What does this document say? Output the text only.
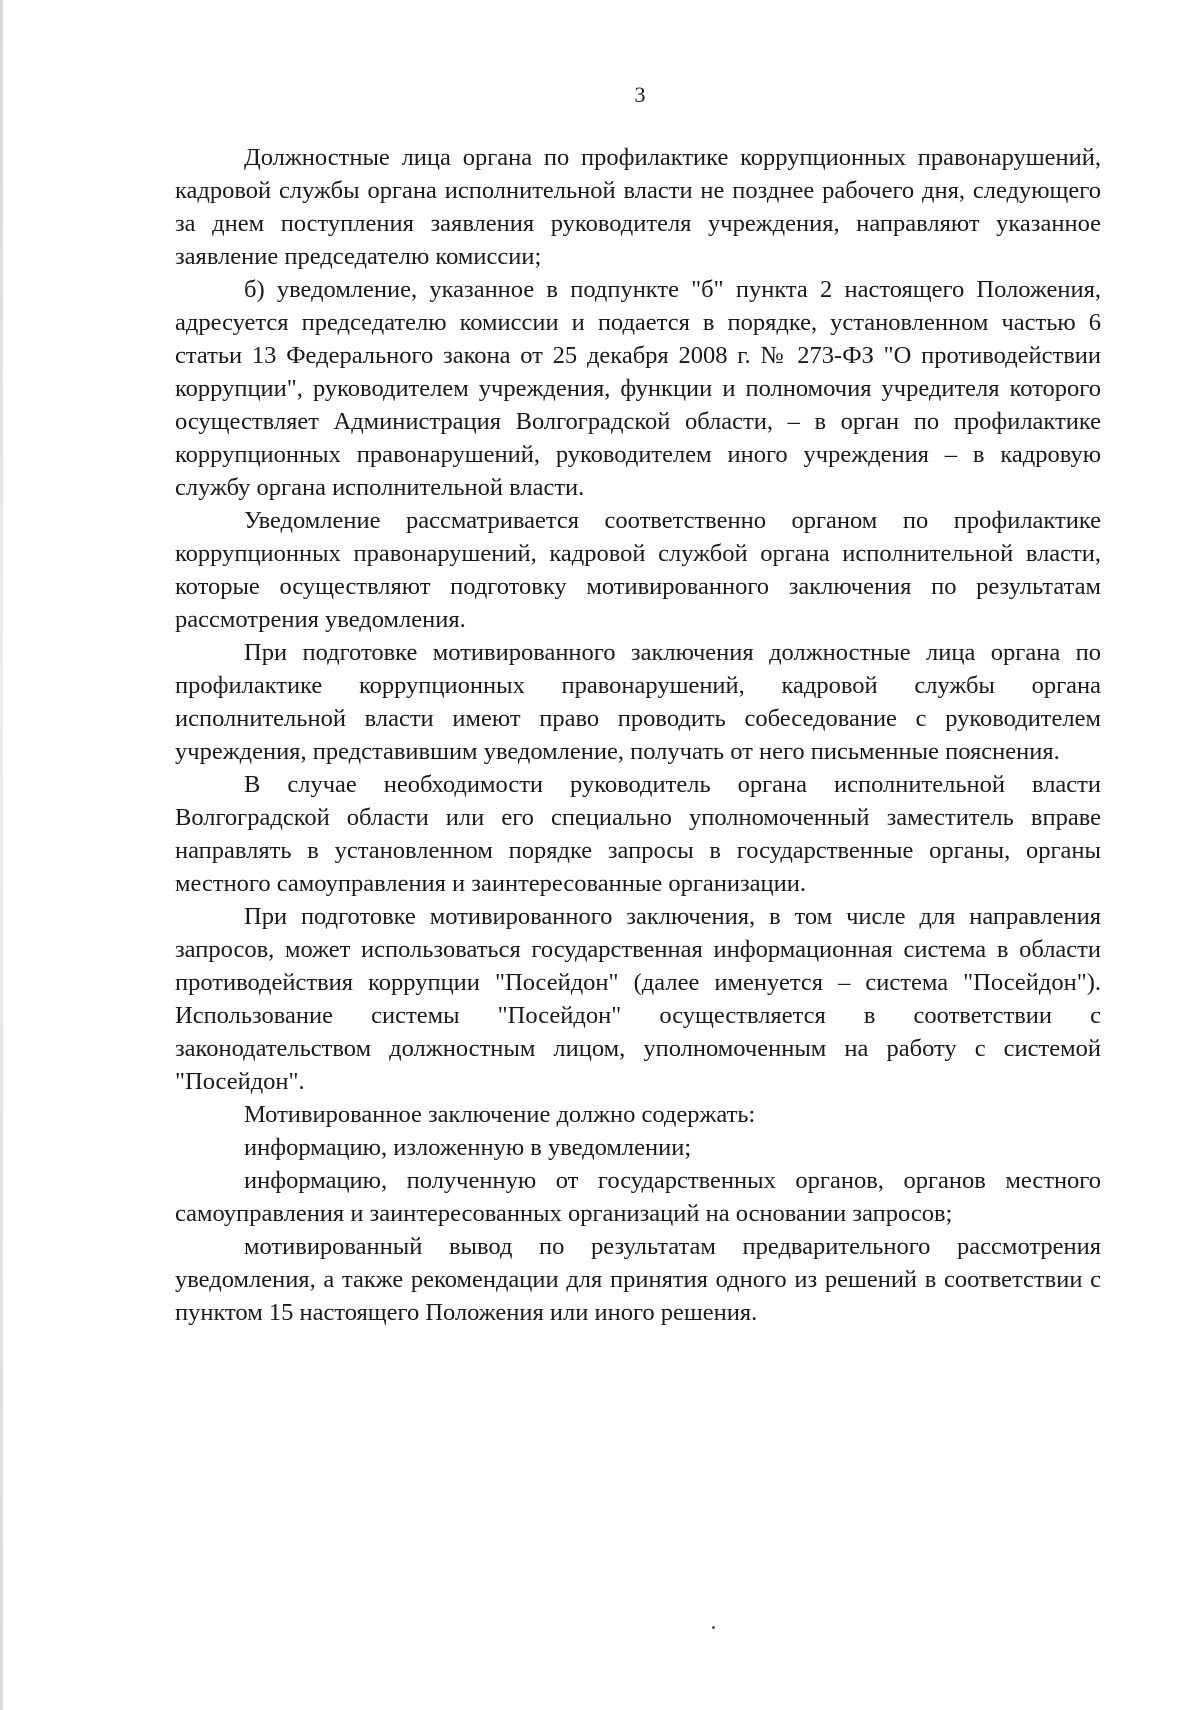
3

Должностные лица органа по профилактике коррупционных правонарушений, кадровой службы органа исполнительной власти не позднее рабочего дня, следующего за днем поступления заявления руководителя учреждения, направляют указанное заявление председателю комиссии;

б) уведомление, указанное в подпункте "б" пункта 2 настоящего Положения, адресуется председателю комиссии и подается в порядке, установленном частью 6 статьи 13 Федерального закона от 25 декабря 2008 г. № 273-ФЗ "О противодействии коррупции", руководителем учреждения, функции и полномочия учредителя которого осуществляет Администрация Волгоградской области, – в орган по профилактике коррупционных правонарушений, руководителем иного учреждения – в кадровую службу органа исполнительной власти.

Уведомление рассматривается соответственно органом по профилактике коррупционных правонарушений, кадровой службой органа исполнительной власти, которые осуществляют подготовку мотивированного заключения по результатам рассмотрения уведомления.

При подготовке мотивированного заключения должностные лица органа по профилактике коррупционных правонарушений, кадровой службы органа исполнительной власти имеют право проводить собеседование с руководителем учреждения, представившим уведомление, получать от него письменные пояснения.

В случае необходимости руководитель органа исполнительной власти Волгоградской области или его специально уполномоченный заместитель вправе направлять в установленном порядке запросы в государственные органы, органы местного самоуправления и заинтересованные организации.

При подготовке мотивированного заключения, в том числе для направления запросов, может использоваться государственная информационная система в области противодействия коррупции "Посейдон" (далее именуется – система "Посейдон"). Использование системы "Посейдон" осуществляется в соответствии с законодательством должностным лицом, уполномоченным на работу с системой "Посейдон".

Мотивированное заключение должно содержать:

информацию, изложенную в уведомлении;

информацию, полученную от государственных органов, органов местного самоуправления и заинтересованных организаций на основании запросов;

мотивированный вывод по результатам предварительного рассмотрения уведомления, а также рекомендации для принятия одного из решений в соответствии с пунктом 15 настоящего Положения или иного решения.
